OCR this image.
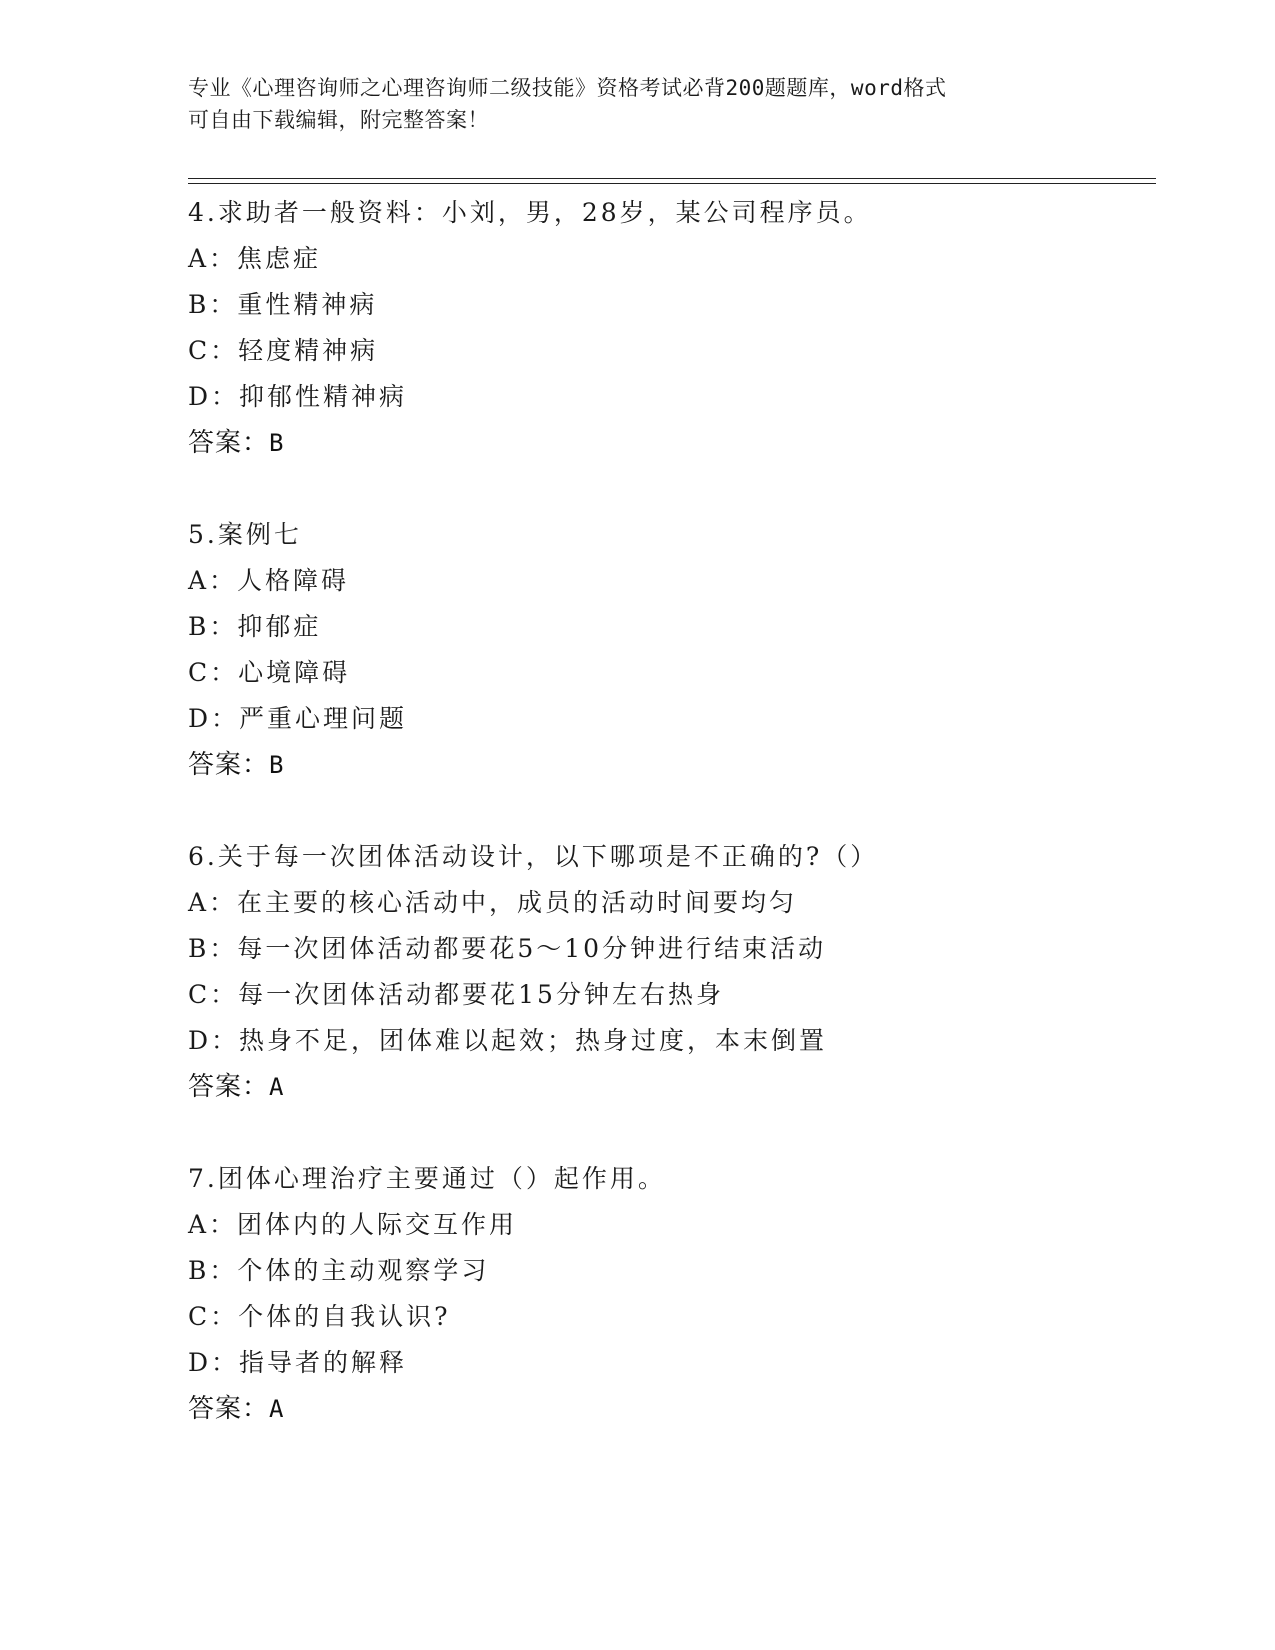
专业《心理咨询师之心理咨询师二级技能》资格考试必背200题题库，word格式
可自由下载编辑，附完整答案！
4.求助者一般资料：小刘，男，28岁，某公司程序员。
A：焦虑症
B：重性精神病
C：轻度精神病
D：抑郁性精神病
答案：B
5.案例七
A：人格障碍
B：抑郁症
C：心境障碍
D：严重心理问题
答案：B
6.关于每一次团体活动设计，以下哪项是不正确的?（）
A：在主要的核心活动中，成员的活动时间要均匀
B：每一次团体活动都要花5～10分钟进行结束活动
C：每一次团体活动都要花15分钟左右热身
D：热身不足，团体难以起效；热身过度，本末倒置
答案：A
7.团体心理治疗主要通过（）起作用。
A：团体内的人际交互作用
B：个体的主动观察学习
C：个体的自我认识?
D：指导者的解释
答案：A
